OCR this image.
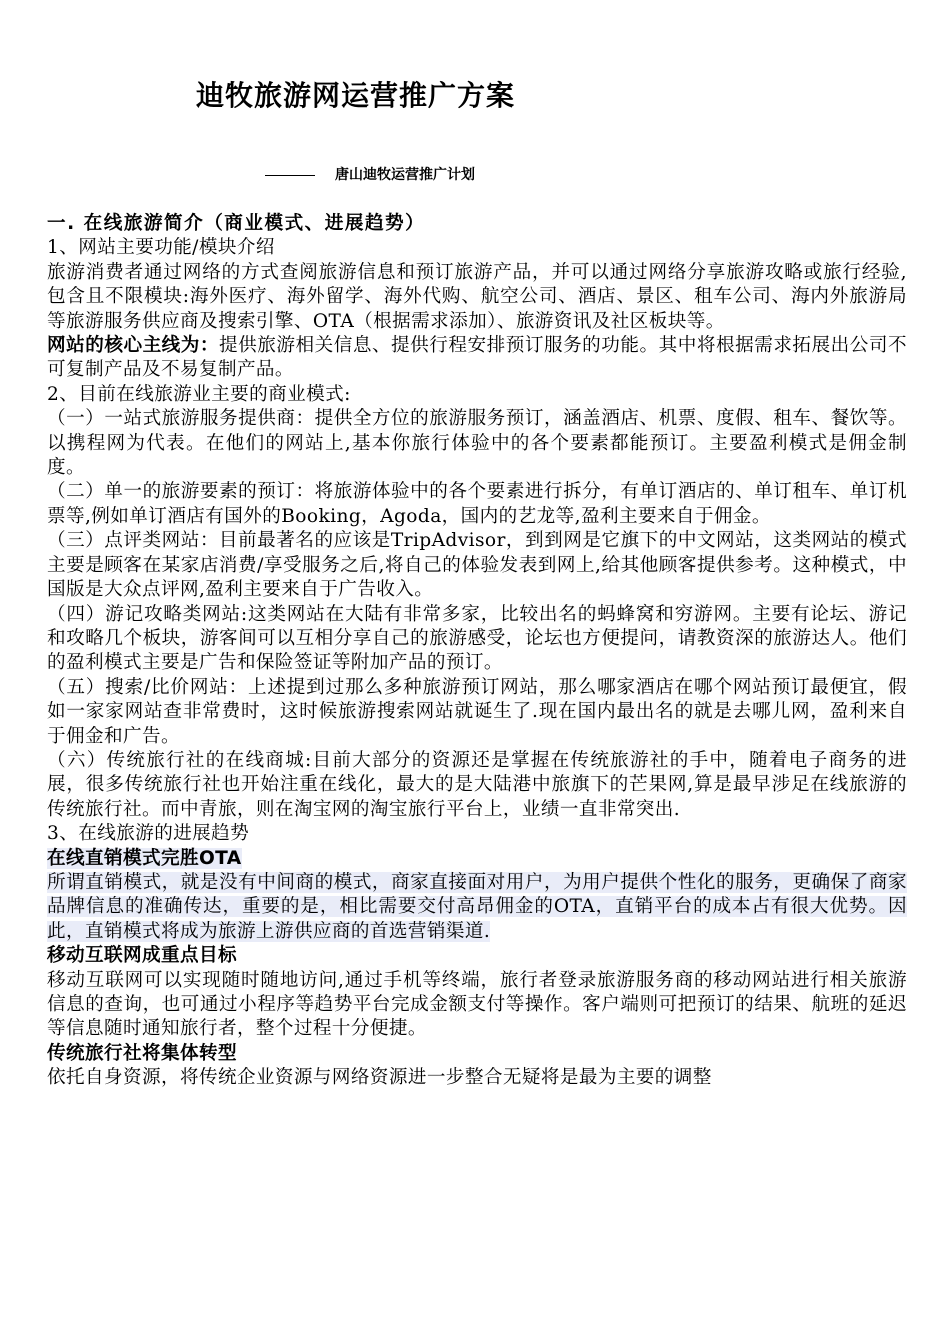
迪牧旅游网运营推广方案
唐山迪牧运营推广计划

一. 在线旅游简介（商业模式、进展趋势）

1、网站主要功能/模块介绍

旅游消费者通过网络的方式查阅旅游信息和预订旅游产品，并可以通过网络分享旅游攻略或旅行经验,包含且不限模块:海外医疗、海外留学、海外代购、航空公司、酒店、景区、租车公司、海内外旅游局等旅游服务供应商及搜索引擎、OTA（根据需求添加）、旅游资讯及社区板块等。

网站的核心主线为：提供旅游相关信息、提供行程安排预订服务的功能。其中将根据需求拓展出公司不可复制产品及不易复制产品。

2、目前在线旅游业主要的商业模式:

（一）一站式旅游服务提供商：提供全方位的旅游服务预订，涵盖酒店、机票、度假、租车、餐饮等。以携程网为代表。在他们的网站上,基本你旅行体验中的各个要素都能预订。主要盈利模式是佣金制度。

（二）单一的旅游要素的预订：将旅游体验中的各个要素进行拆分，有单订酒店的、单订租车、单订机票等,例如单订酒店有国外的Booking，Agoda，国内的艺龙等,盈利主要来自于佣金。

（三）点评类网站：目前最著名的应该是TripAdvisor，到到网是它旗下的中文网站，这类网站的模式主要是顾客在某家店消费/享受服务之后,将自己的体验发表到网上,给其他顾客提供参考。这种模式，中国版是大众点评网,盈利主要来自于广告收入。

（四）游记攻略类网站:这类网站在大陆有非常多家，比较出名的蚂蜂窝和穷游网。主要有论坛、游记和攻略几个板块，游客间可以互相分享自己的旅游感受，论坛也方便提问，请教资深的旅游达人。他们的盈利模式主要是广告和保险签证等附加产品的预订。

（五）搜索/比价网站：上述提到过那么多种旅游预订网站，那么哪家酒店在哪个网站预订最便宜，假如一家家网站查非常费时，这时候旅游搜索网站就诞生了.现在国内最出名的就是去哪儿网，盈利来自于佣金和广告。

（六）传统旅行社的在线商城:目前大部分的资源还是掌握在传统旅游社的手中，随着电子商务的进展，很多传统旅行社也开始注重在线化，最大的是大陆港中旅旗下的芒果网,算是最早涉足在线旅游的传统旅行社。而中青旅，则在淘宝网的淘宝旅行平台上，业绩一直非常突出.

3、在线旅游的进展趋势

在线直销模式完胜OTA

所谓直销模式，就是没有中间商的模式，商家直接面对用户，为用户提供个性化的服务，更确保了商家品牌信息的准确传达，重要的是，相比需要交付高昂佣金的OTA，直销平台的成本占有很大优势。因此，直销模式将成为旅游上游供应商的首选营销渠道.

移动互联网成重点目标

移动互联网可以实现随时随地访问,通过手机等终端，旅行者登录旅游服务商的移动网站进行相关旅游信息的查询，也可通过小程序等趋势平台完成金额支付等操作。客户端则可把预订的结果、航班的延迟等信息随时通知旅行者，整个过程十分便捷。

传统旅行社将集体转型

依托自身资源，将传统企业资源与网络资源进一步整合无疑将是最为主要的调整
